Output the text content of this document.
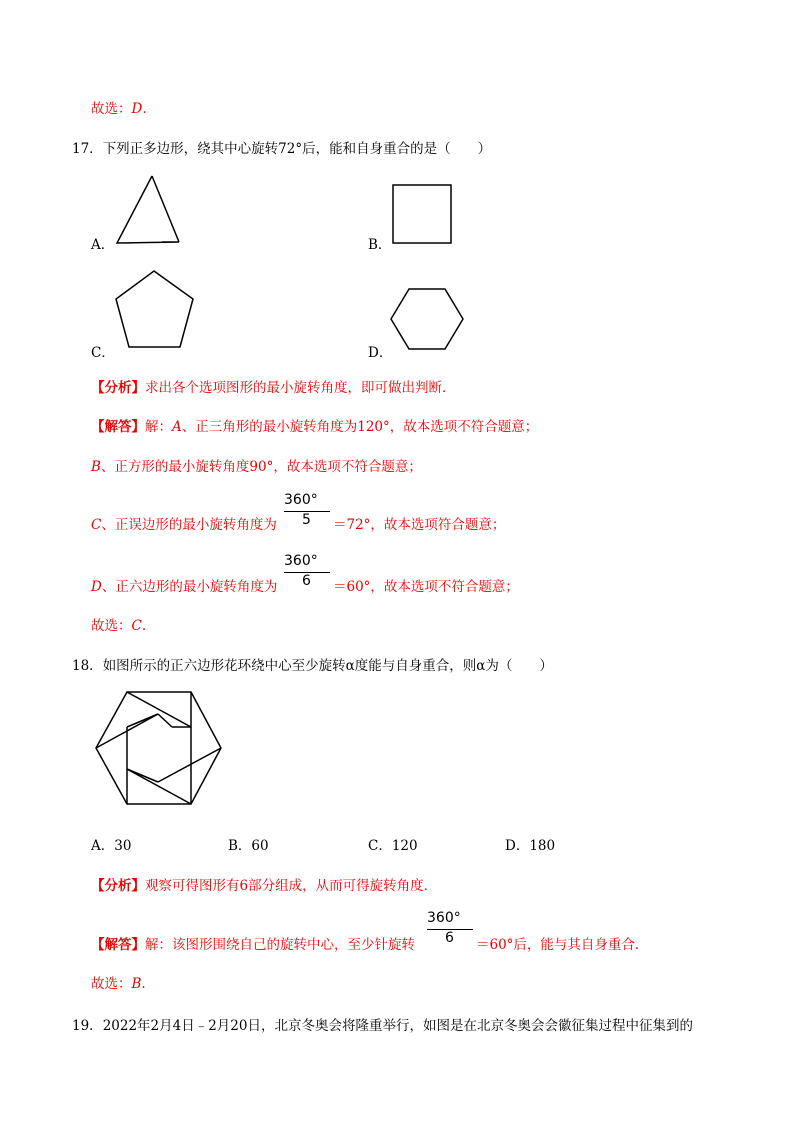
故选：D.
17．下列正多边形，绕其中心旋转72°后，能和自身重合的是（　　）
A．	B．
C．	D．
【分析】求出各个选项图形的最小旋转角度，即可做出判断．
【解答】解：A、正三角形的最小旋转角度为120°，故本选项不符合题意；
B、正方形的最小旋转角度90°，故本选项不符合题意；
C、正误边形的最小旋转角度为
360°
5 ＝72°，故本选项符合题意；
D、正六边形的最小旋转角度为
360°
6 ＝60°，故本选项不符合题意；
故选：C.
18．如图所示的正六边形花环绕中心至少旋转α度能与自身重合，则α为（　　）
A．30	B．60	C．120	D．180
【分析】观察可得图形有6部分组成，从而可得旋转角度．
【解答】解：该图形围绕自己的旋转中心，至少针旋转
360°
6 ＝60°后，能与其自身重合．
故选：B.
19．2022年2月4日﹣2月20日，北京冬奥会将隆重举行，如图是在北京冬奥会会徽征集过程中征集到的
